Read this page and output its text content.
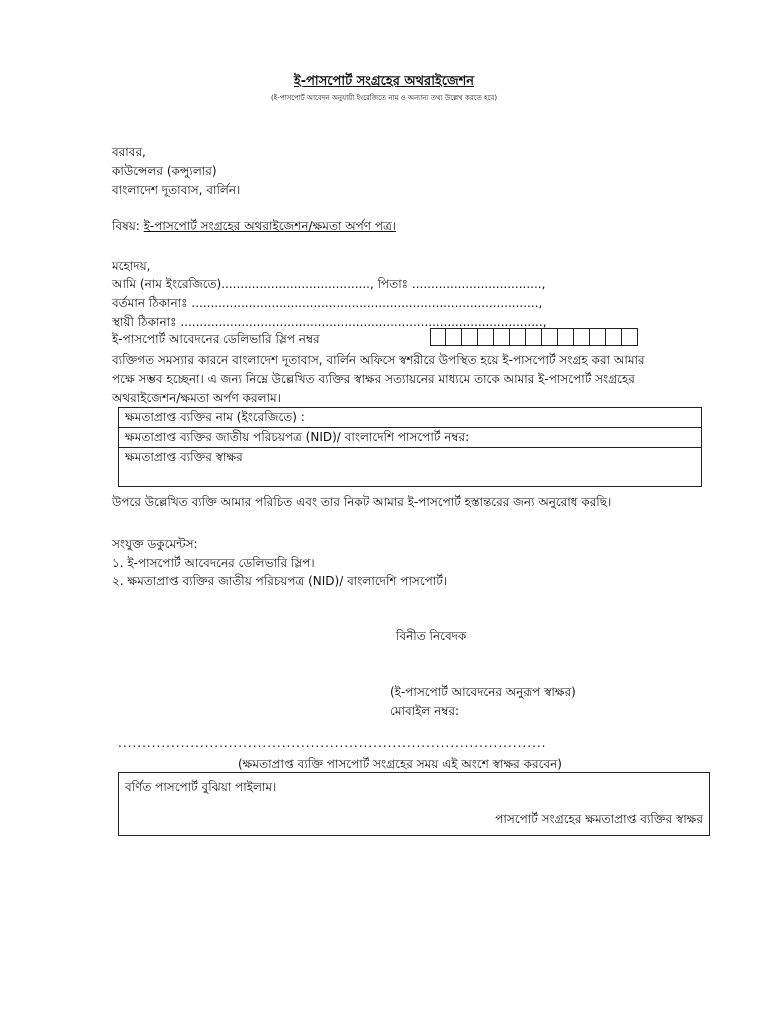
ই-পাসপোর্ট সংগ্রহের অথরাইজেশন
(ই-পাসপোর্ট আবেদন অনুযায়ী ইংরেজিতে নাম ও অন্যান্য তথ্য উল্লেখ করতে হবে)
বরাবর,
কাউন্সেলর (কন্স্যুলার)
বাংলাদেশ দূতাবাস, বার্লিন।
বিষয়: ই-পাসপোর্ট সংগ্রহের অথরাইজেশন/ক্ষমতা অর্পণ পত্র।
মহোদয়,
আমি (নাম ইংরেজিতে)......................................., পিতাঃ ..................................,
বর্তমান ঠিকানাঃ ...........................................................................................,
স্থায়ী ঠিকানাঃ ...............................................................................................,
ই-পাসপোর্ট আবেদনের ডেলিভারি স্লিপ নম্বর
ব্যক্তিগত সমস্যার কারনে বাংলাদেশ দূতাবাস, বার্লিন অফিসে স্বশরীরে উপস্থিত হয়ে ই-পাসপোর্ট সংগ্রহ করা আমার
পক্ষে সম্ভব হচ্ছেনা। এ জন্য নিম্নে উল্লেখিত ব্যক্তির স্বাক্ষর সত্যায়নের মাধ্যমে তাকে আমার ই-পাসপোর্ট সংগ্রহের
অথরাইজেশন/ক্ষমতা অর্পণ করলাম।
ক্ষমতাপ্রাপ্ত ব্যক্তির নাম (ইংরেজিতে) :
ক্ষমতাপ্রাপ্ত ব্যক্তির জাতীয় পরিচয়পত্র (NID)/ বাংলাদেশি পাসপোর্ট নম্বর:
ক্ষমতাপ্রাপ্ত ব্যক্তির স্বাক্ষর
উপরে উল্লেখিত ব্যক্তি আমার পরিচিত এবং তার নিকট আমার ই-পাসপোর্ট হস্তান্তরের জন্য অনুরোধ করছি।
সংযুক্ত ডকুমেন্টস:
১. ই-পাসপোর্ট আবেদনের ডেলিভারি স্লিপ।
২. ক্ষমতাপ্রাপ্ত ব্যক্তির জাতীয় পরিচয়পত্র (NID)/ বাংলাদেশি পাসপোর্ট।
বিনীত নিবেদক
(ই-পাসপোর্ট আবেদনের অনুরূপ স্বাক্ষর)
মোবাইল নম্বর:
.........................................................................................
(ক্ষমতাপ্রাপ্ত ব্যক্তি পাসপোর্ট সংগ্রহের সময় এই অংশে স্বাক্ষর করবেন)
বর্ণিত পাসপোর্ট বুঝিয়া পাইলাম।
পাসপোর্ট সংগ্রহের ক্ষমতাপ্রাপ্ত ব্যক্তির স্বাক্ষর
